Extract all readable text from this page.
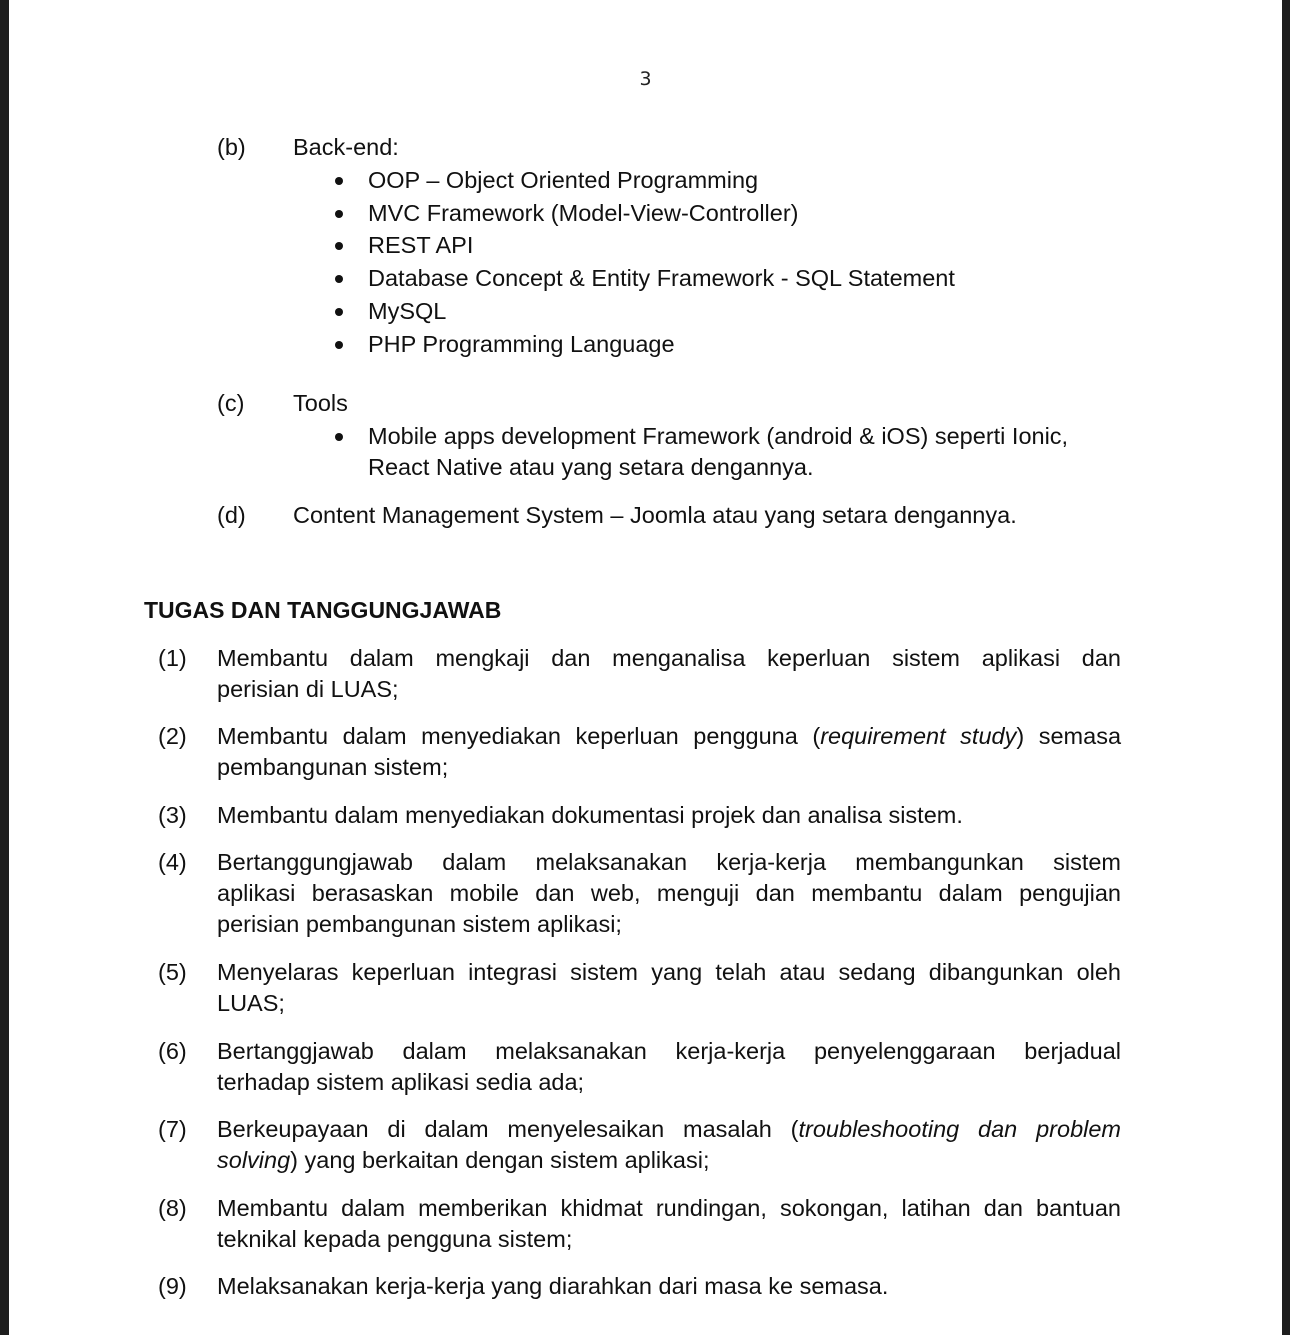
3
(b) Back-end:
OOP – Object Oriented Programming
MVC Framework (Model-View-Controller)
REST API
Database Concept & Entity Framework - SQL Statement
MySQL
PHP Programming Language
(c) Tools
Mobile apps development Framework (android & iOS) seperti Ionic,
React Native atau yang setara dengannya.
(d) Content Management System – Joomla atau yang setara dengannya.
TUGAS DAN TANGGUNGJAWAB
(1) Membantu dalam mengkaji dan menganalisa keperluan sistem aplikasi dan
perisian di LUAS;
(2) Membantu dalam menyediakan keperluan pengguna (requirement study) semasa
pembangunan sistem;
(3) Membantu dalam menyediakan dokumentasi projek dan analisa sistem.
(4) Bertanggungjawab dalam melaksanakan kerja-kerja membangunkan sistem
aplikasi berasaskan mobile dan web, menguji dan membantu dalam pengujian
perisian pembangunan sistem aplikasi;
(5) Menyelaras keperluan integrasi sistem yang telah atau sedang dibangunkan oleh
LUAS;
(6) Bertanggjawab dalam melaksanakan kerja-kerja penyelenggaraan berjadual
terhadap sistem aplikasi sedia ada;
(7) Berkeupayaan di dalam menyelesaikan masalah (troubleshooting dan problem
solving) yang berkaitan dengan sistem aplikasi;
(8) Membantu dalam memberikan khidmat rundingan, sokongan, latihan dan bantuan
teknikal kepada pengguna sistem;
(9) Melaksanakan kerja-kerja yang diarahkan dari masa ke semasa.
